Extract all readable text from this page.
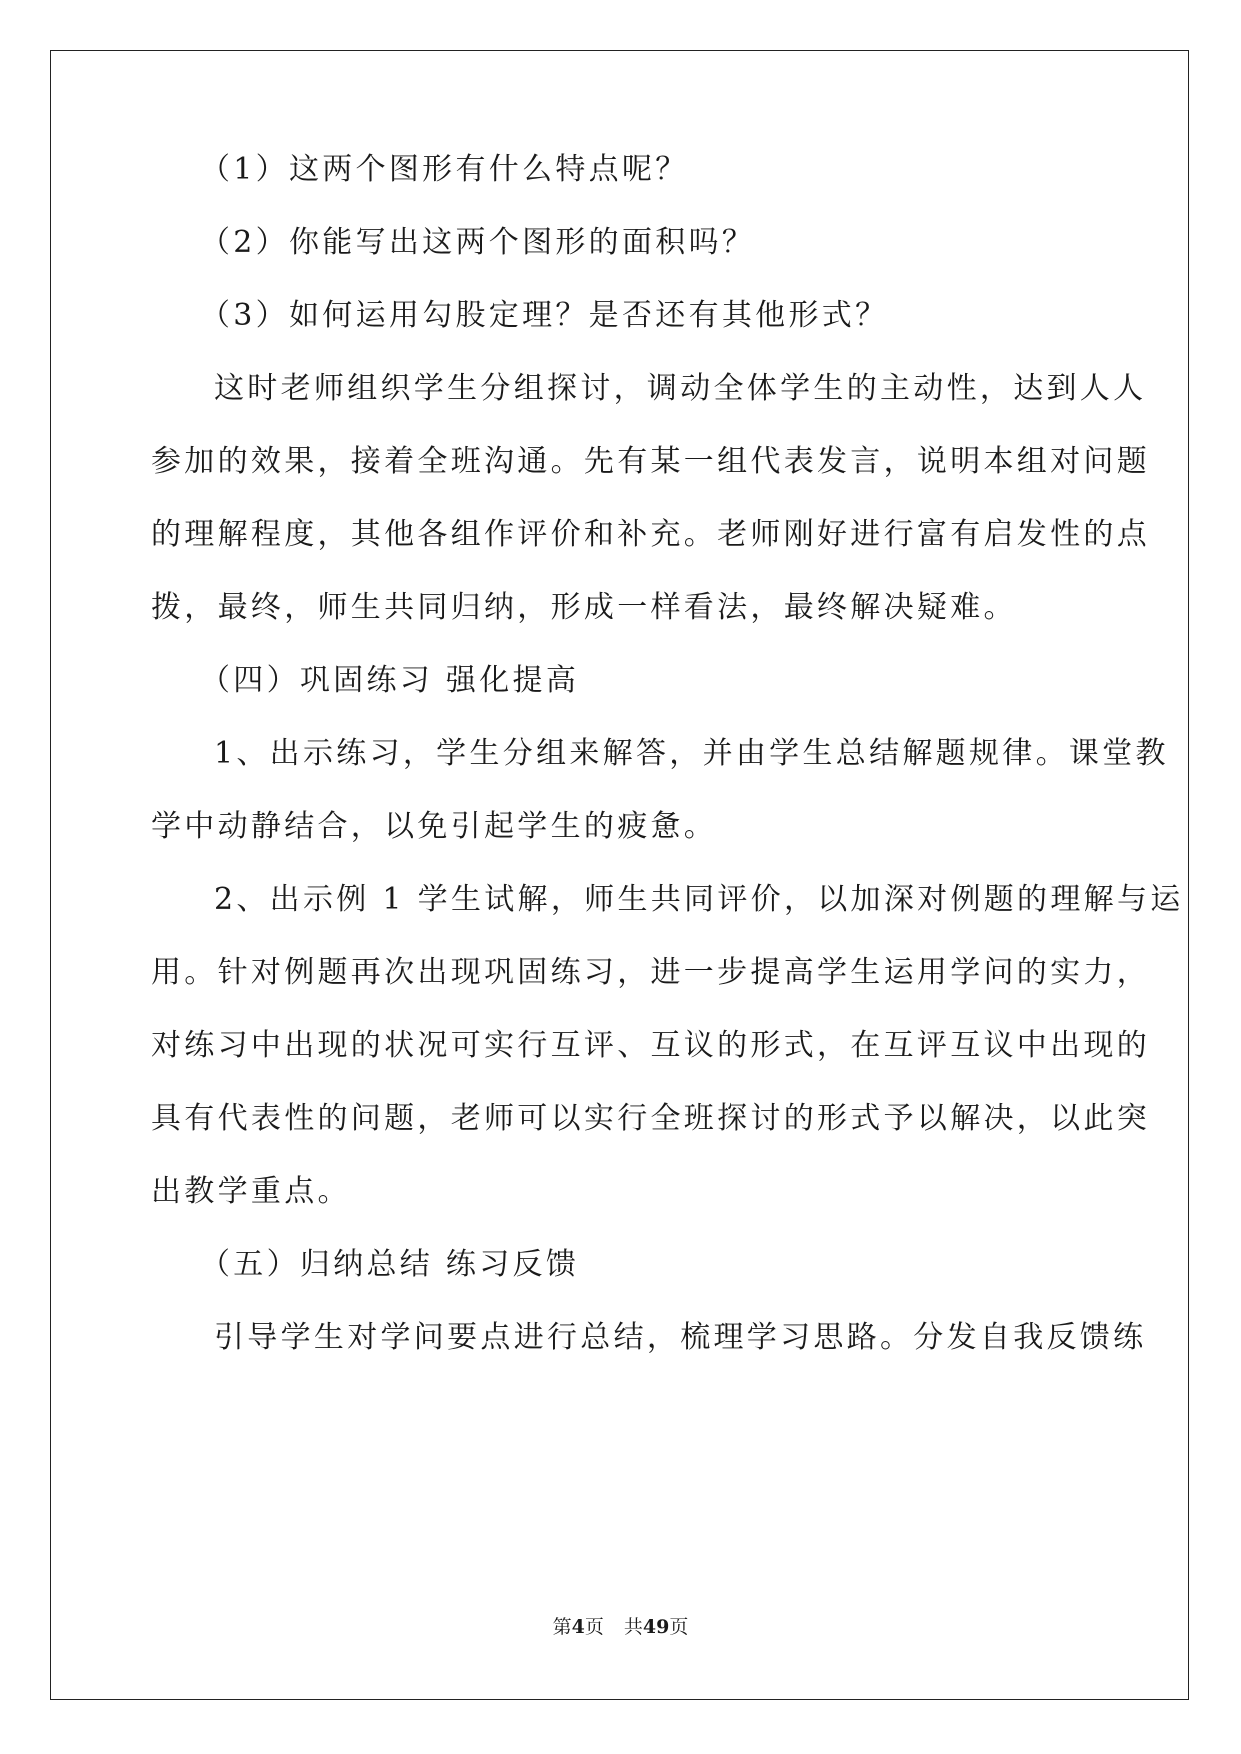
（1）这两个图形有什么特点呢？
（2）你能写出这两个图形的面积吗？
（3）如何运用勾股定理？是否还有其他形式？
这时老师组织学生分组探讨，调动全体学生的主动性，达到人人
参加的效果，接着全班沟通。先有某一组代表发言，说明本组对问题
的理解程度，其他各组作评价和补充。老师刚好进行富有启发性的点
拨，最终，师生共同归纳，形成一样看法，最终解决疑难。
（四）巩固练习 强化提高
1、出示练习，学生分组来解答，并由学生总结解题规律。课堂教
学中动静结合，以免引起学生的疲惫。
2、出示例 1 学生试解，师生共同评价，以加深对例题的理解与运
用。针对例题再次出现巩固练习，进一步提高学生运用学问的实力，
对练习中出现的状况可实行互评、互议的形式，在互评互议中出现的
具有代表性的问题，老师可以实行全班探讨的形式予以解决，以此突
出教学重点。
（五）归纳总结 练习反馈
引导学生对学问要点进行总结，梳理学习思路。分发自我反馈练
第4页 共49页
